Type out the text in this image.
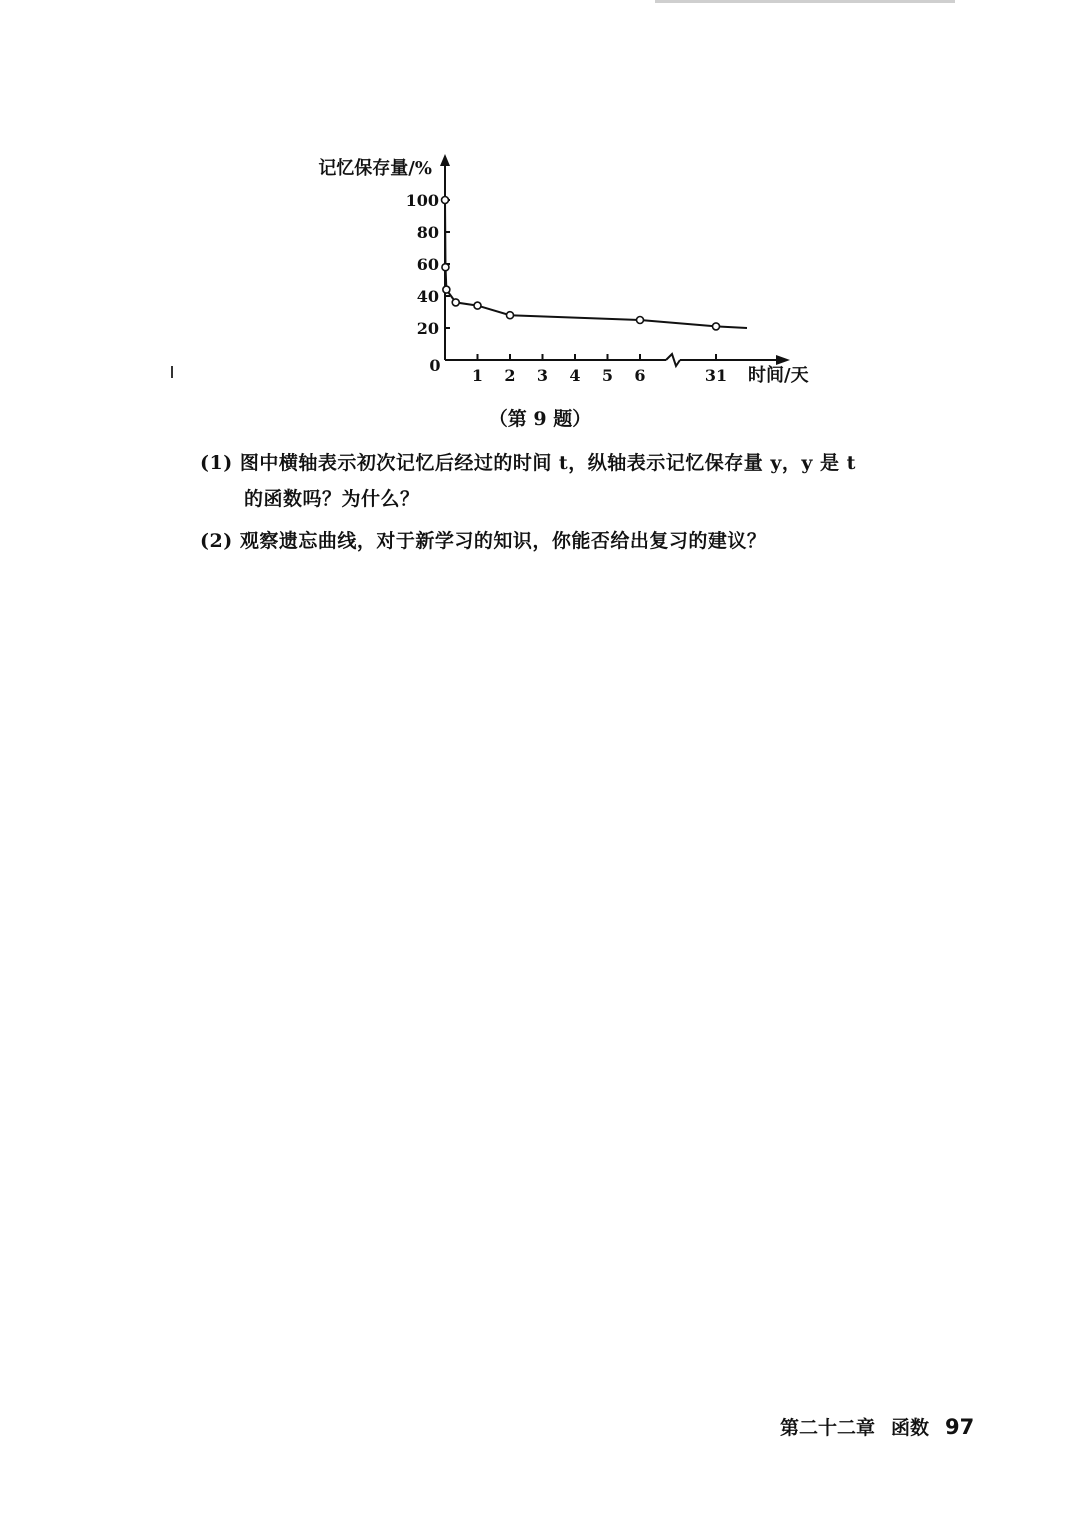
记忆保存量/%
时间/天
0
20
40
60
80
100
1 2 3 4 5 6	31
（第 9 题）
(1) 图中横轴表示初次记忆后经过的时间 t，纵轴表示记忆保存量 y，y 是 t
的函数吗？为什么？
(2) 观察遗忘曲线，对于新学习的知识，你能否给出复习的建议？
第二十二章 函数 97
